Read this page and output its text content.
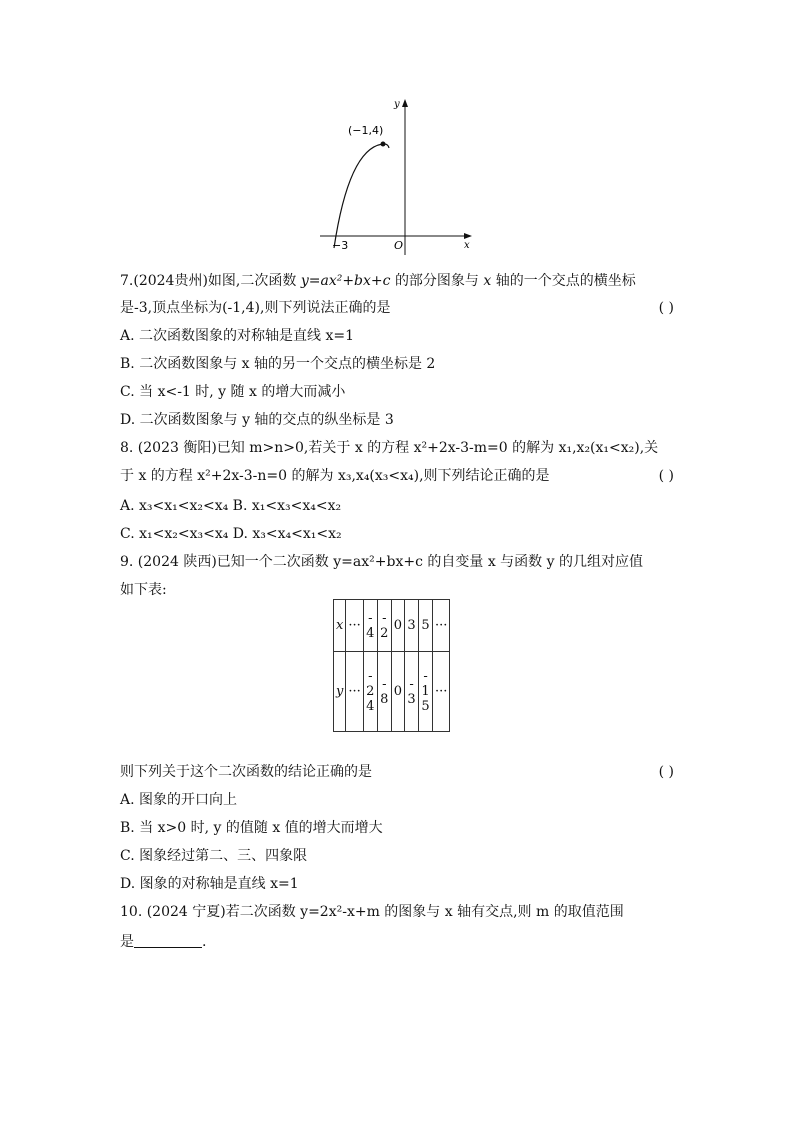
y
x
(−1,4)
−3	O
7.(2024贵州)如图,二次函数 y=ax²+bx+c 的部分图象与 x 轴的一个交点的横坐标
是-3,顶点坐标为(-1,4),则下列说法正确的是	( )
A. 二次函数图象的对称轴是直线 x=1
B. 二次函数图象与 x 轴的另一个交点的横坐标是 2
C. 当 x<-1 时, y 随 x 的增大而减小
D. 二次函数图象与 y 轴的交点的纵坐标是 3
8. (2023 衡阳)已知 m>n>0,若关于 x 的方程 x²+2x-3-m=0 的解为 x₁,x₂(x₁<x₂),关
于 x 的方程 x²+2x-3-n=0 的解为 x₃,x₄(x₃<x₄),则下列结论正确的是	( )
A. x₃<x₁<x₂<x₄ B. x₁<x₃<x₄<x₂
C. x₁<x₂<x₃<x₄ D. x₃<x₄<x₁<x₂
9. (2024 陕西)已知一个二次函数 y=ax²+bx+c 的自变量 x 与函数 y 的几组对应值
如下表:
x	···	-4	-2	0	3	5	···
y	···	-24	-8	0	-3	-15	···
则下列关于这个二次函数的结论正确的是	( )
A. 图象的开口向上
B. 当 x>0 时, y 的值随 x 值的增大而增大
C. 图象经过第二、三、四象限
D. 图象的对称轴是直线 x=1
10. (2024 宁夏)若二次函数 y=2x²-x+m 的图象与 x 轴有交点,则 m 的取值范围
是	.
